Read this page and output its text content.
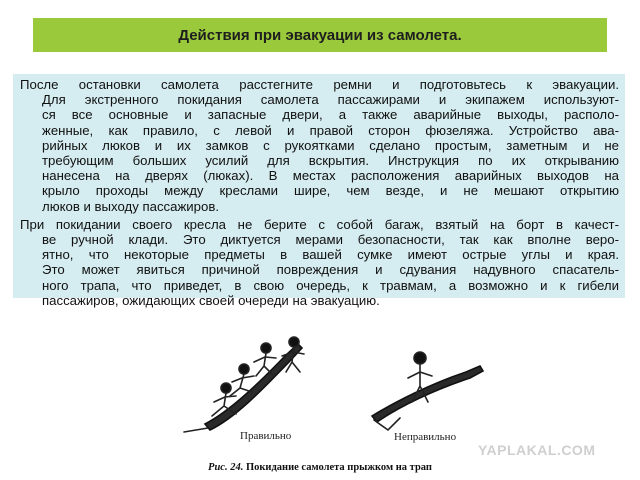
Действия при эвакуации из самолета.

После остановки самолета расстегните ремни и подготовьтесь к эвакуации.
Для экстренного покидания самолета пассажирами и экипажем используют-
ся все основные и запасные двери, а также аварийные выходы, располо-
женные, как правило, с левой и правой сторон фюзеляжа. Устройство ава-
рийных люков и их замков с рукоятками сделано простым, заметным и не
требующим больших усилий для вскрытия. Инструкция по их открыванию
нанесена на дверях (люках). В местах расположения аварийных выходов на
крыло проходы между креслами шире, чем везде, и не мешают открытию
люков и выходу пассажиров.

При покидании своего кресла не берите с собой багаж, взятый на борт в качест-
ве ручной клади. Это диктуется мерами безопасности, так как вполне веро-
ятно, что некоторые предметы в вашей сумке имеют острые углы и края.
Это может явиться причиной повреждения и сдувания надувного спасатель-
ного трапа, что приведет, в свою очередь, к травмам, а возможно и к гибели
пассажиров, ожидающих своей очереди на эвакуацию.

Правильно	Неправильно
YAPLAKAL.COM
Рис. 24. Покидание самолета прыжком на трап
